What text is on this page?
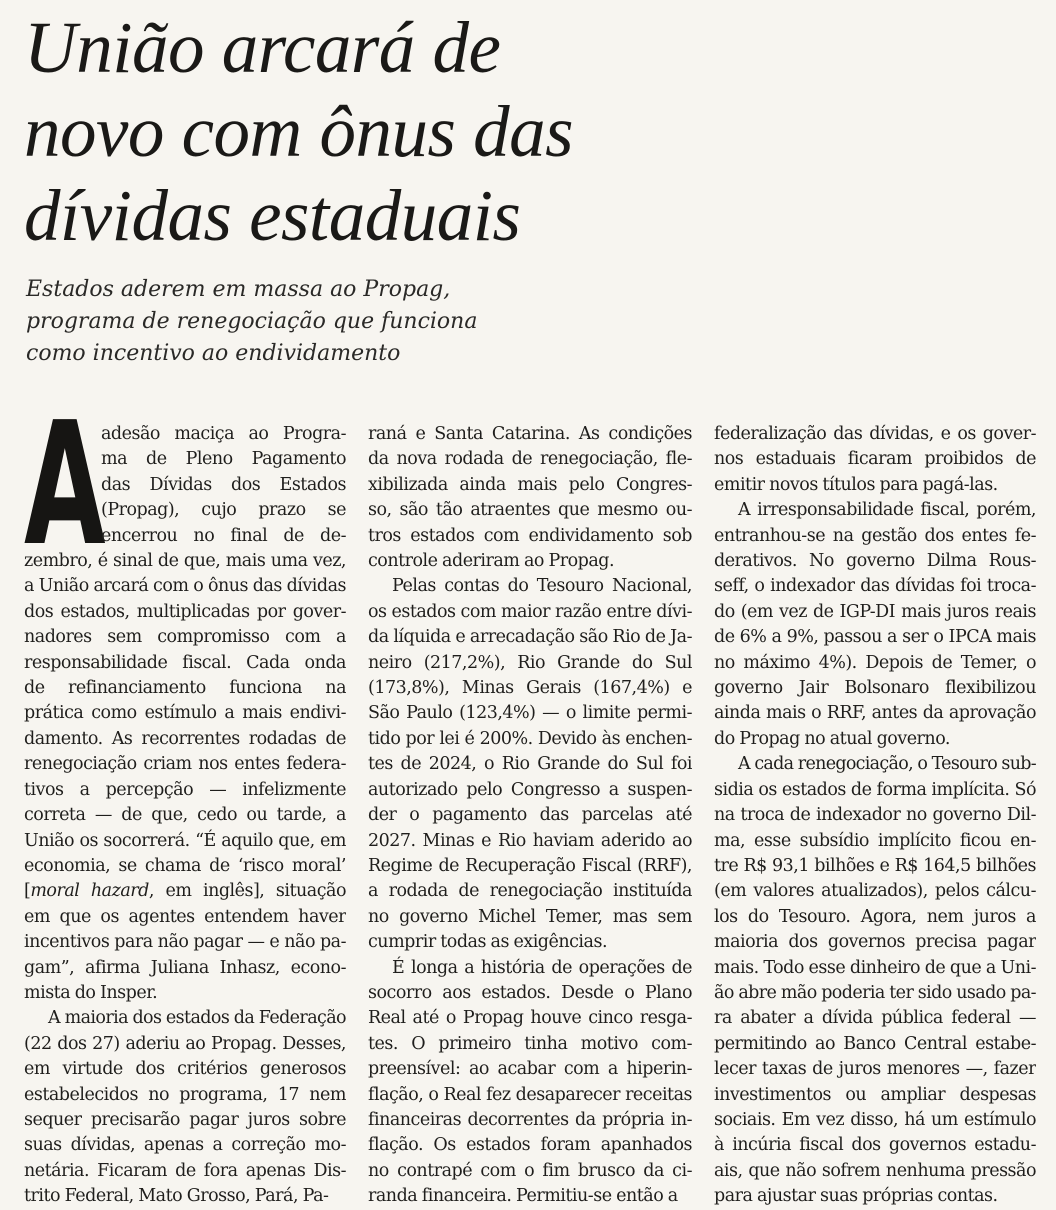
União arcará de
novo com ônus das
dívidas estaduais

Estados aderem em massa ao Propag,
programa de renegociação que funciona
como incentivo ao endividamento

A
adesão maciça ao Progra-
ma de Pleno Pagamento
das Dívidas dos Estados
(Propag), cujo prazo se
encerrou no final de de-
zembro, é sinal de que, mais uma vez,
a União arcará com o ônus das dívidas
dos estados, multiplicadas por gover-
nadores sem compromisso com a
responsabilidade fiscal. Cada onda
de refinanciamento funciona na
prática como estímulo a mais endivi-
damento. As recorrentes rodadas de
renegociação criam nos entes federa-
tivos a percepção — infelizmente
correta — de que, cedo ou tarde, a
União os socorrerá. “É aquilo que, em
economia, se chama de ‘risco moral’
[moral hazard, em inglês], situação
em que os agentes entendem haver
incentivos para não pagar — e não pa-
gam”, afirma Juliana Inhasz, econo-
mista do Insper.
A maioria dos estados da Federação
(22 dos 27) aderiu ao Propag. Desses,
em virtude dos critérios generosos
estabelecidos no programa, 17 nem
sequer precisarão pagar juros sobre
suas dívidas, apenas a correção mo-
netária. Ficaram de fora apenas Dis-
trito Federal, Mato Grosso, Pará, Pa-
raná e Santa Catarina. As condições
da nova rodada de renegociação, fle-
xibilizada ainda mais pelo Congres-
so, são tão atraentes que mesmo ou-
tros estados com endividamento sob
controle aderiram ao Propag.
Pelas contas do Tesouro Nacional,
os estados com maior razão entre dívi-
da líquida e arrecadação são Rio de Ja-
neiro (217,2%), Rio Grande do Sul
(173,8%), Minas Gerais (167,4%) e
São Paulo (123,4%) — o limite permi-
tido por lei é 200%. Devido às enchen-
tes de 2024, o Rio Grande do Sul foi
autorizado pelo Congresso a suspen-
der o pagamento das parcelas até
2027. Minas e Rio haviam aderido ao
Regime de Recuperação Fiscal (RRF),
a rodada de renegociação instituída
no governo Michel Temer, mas sem
cumprir todas as exigências.
É longa a história de operações de
socorro aos estados. Desde o Plano
Real até o Propag houve cinco resga-
tes. O primeiro tinha motivo com-
preensível: ao acabar com a hiperin-
flação, o Real fez desaparecer receitas
financeiras decorrentes da própria in-
flação. Os estados foram apanhados
no contrapé com o fim brusco da ci-
randa financeira. Permitiu-se então a
federalização das dívidas, e os gover-
nos estaduais ficaram proibidos de
emitir novos títulos para pagá-las.
A irresponsabilidade fiscal, porém,
entranhou-se na gestão dos entes fe-
derativos. No governo Dilma Rous-
seff, o indexador das dívidas foi troca-
do (em vez de IGP-DI mais juros reais
de 6% a 9%, passou a ser o IPCA mais
no máximo 4%). Depois de Temer, o
governo Jair Bolsonaro flexibilizou
ainda mais o RRF, antes da aprovação
do Propag no atual governo.
A cada renegociação, o Tesouro sub-
sidia os estados de forma implícita. Só
na troca de indexador no governo Dil-
ma, esse subsídio implícito ficou en-
tre R$ 93,1 bilhões e R$ 164,5 bilhões
(em valores atualizados), pelos cálcu-
los do Tesouro. Agora, nem juros a
maioria dos governos precisa pagar
mais. Todo esse dinheiro de que a Uni-
ão abre mão poderia ter sido usado pa-
ra abater a dívida pública federal —
permitindo ao Banco Central estabe-
lecer taxas de juros menores —, fazer
investimentos ou ampliar despesas
sociais. Em vez disso, há um estímulo
à incúria fiscal dos governos estadu-
ais, que não sofrem nenhuma pressão
para ajustar suas próprias contas.
